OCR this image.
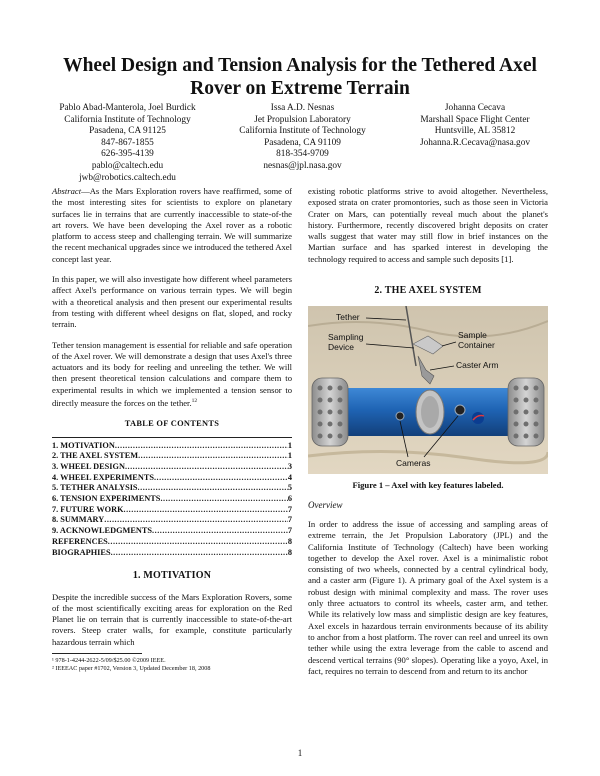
Wheel Design and Tension Analysis for the Tethered Axel Rover on Extreme Terrain
Pablo Abad-Manterola, Joel Burdick
California Institute of Technology
Pasadena, CA 91125
847-867-1855
626-395-4139
pablo@caltech.edu
jwb@robotics.caltech.edu
Issa A.D. Nesnas
Jet Propulsion Laboratory
California Institute of Technology
Pasadena, CA 91109
818-354-9709
nesnas@jpl.nasa.gov
Johanna Cecava
Marshall Space Flight Center
Huntsville, AL 35812
Johanna.R.Cecava@nasa.gov

Abstract—As the Mars Exploration rovers have reaffirmed, some of the most interesting sites for scientists to explore on planetary surfaces lie in terrains that are currently inaccessible to state-of-the art rovers. We have been developing the Axel rover as a robotic platform to access steep and challenging terrain. We will summarize the recent mechanical upgrades since we introduced the tethered Axel concept last year.

In this paper, we will also investigate how different wheel parameters affect Axel's performance on various terrain types. We will begin with a theoretical analysis and then present our experimental results from testing with different wheel designs on flat, sloped, and rocky terrain.

Tether tension management is essential for reliable and safe operation of the Axel rover. We will demonstrate a design that uses Axel's three actuators and its body for reeling and unreeling the tether. We will then present theoretical tension calculations and compare them to experimental results in which we implemented a tension sensor to directly measure the forces on the tether.$^{12}$

TABLE OF CONTENTS
1. MOTIVATION .....	1
2. THE AXEL SYSTEM .....	1
3. WHEEL DESIGN .....	3
4. WHEEL EXPERIMENTS .....	4
5. TETHER ANALYSIS .....	5
6. TENSION EXPERIMENTS .....	6
7. FUTURE WORK .....	7
8. SUMMARY .....	7
9. ACKNOWLEDGMENTS .....	7
REFERENCES .....	8
BIOGRAPHIES .....	8
1. MOTIVATION

Despite the incredible success of the Mars Exploration Rovers, some of the most scientifically exciting areas for exploration on the Red Planet lie on terrain that is currently inaccessible to state-of-the-art rovers. Steep crater walls, for example, constitute particularly hazardous terrain which

¹ 978-1-4244-2622-5/09/$25.00 ©2009 IEEE.
² IEEEAC paper #1702, Version 3, Updated December 18, 2008

existing robotic platforms strive to avoid altogether. Nevertheless, exposed strata on crater promontories, such as those seen in Victoria Crater on Mars, can potentially reveal much about the planet's history. Furthermore, recently discovered bright deposits on crater walls suggest that water may still flow in brief instances on the Martian surface and has sparked interest in developing the technology required to access and sample such deposits [1].

2. THE AXEL SYSTEM
Tether
Sampling
Device
Sample
Container
Caster Arm
Cameras
Figure 1 – Axel with key features labeled.
Overview

In order to address the issue of accessing and sampling areas of extreme terrain, the Jet Propulsion Laboratory (JPL) and the California Institute of Technology (Caltech) have been working together to develop the Axel rover. Axel is a minimalistic robot consisting of two wheels, connected by a central cylindrical body, and a caster arm (Figure 1). A primary goal of the Axel system is a robust design with minimal complexity and mass. The rover uses only three actuators to control its wheels, caster arm, and tether. While its relatively low mass and simplistic design are key features, Axel excels in hazardous terrain environments because of its ability to anchor from a host platform. The rover can reel and unreel its own tether while using the extra leverage from the cable to ascend and descend vertical terrains (90° slopes). Operating like a yoyo, Axel, in fact, requires no terrain to descend from and return to its anchor

1
